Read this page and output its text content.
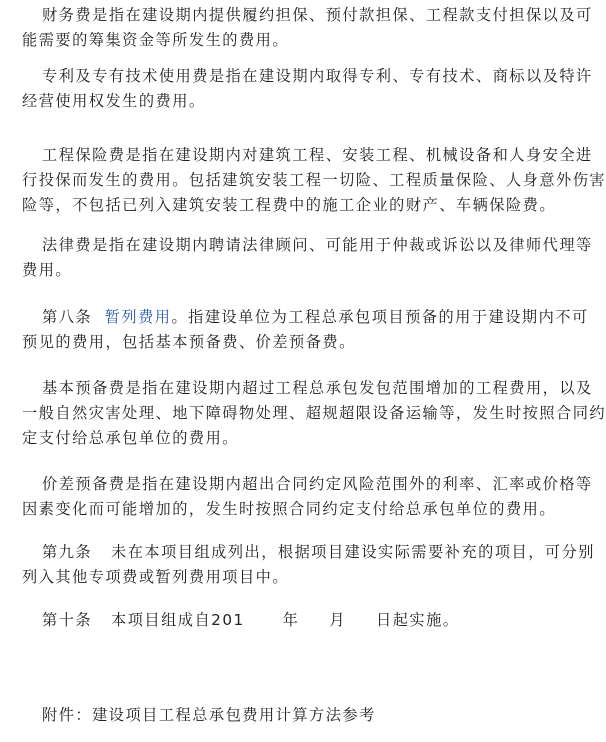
财务费是指在建设期内提供履约担保、预付款担保、工程款支付担保以及可
能需要的筹集资金等所发生的费用。

专利及专有技术使用费是指在建设期内取得专利、专有技术、商标以及特许
经营使用权发生的费用。

工程保险费是指在建设期内对建筑工程、安装工程、机械设备和人身安全进
行投保而发生的费用。包括建筑安装工程一切险、工程质量保险、人身意外伤害
险等，不包括已列入建筑安装工程费中的施工企业的财产、车辆保险费。

法律费是指在建设期内聘请法律顾问、可能用于仲裁或诉讼以及律师代理等
费用。

第八条 暂列费用。指建设单位为工程总承包项目预备的用于建设期内不可
预见的费用，包括基本预备费、价差预备费。

基本预备费是指在建设期内超过工程总承包发包范围增加的工程费用，以及
一般自然灾害处理、地下障碍物处理、超规超限设备运输等，发生时按照合同约
定支付给总承包单位的费用。

价差预备费是指在建设期内超出合同约定风险范围外的利率、汇率或价格等
因素变化而可能增加的，发生时按照合同约定支付给总承包单位的费用。

第九条 未在本项目组成列出，根据项目建设实际需要补充的项目，可分别
列入其他专项费或暂列费用项目中。

第十条 本项目组成自201	年 月 日起实施。

附件：建设项目工程总承包费用计算方法参考
